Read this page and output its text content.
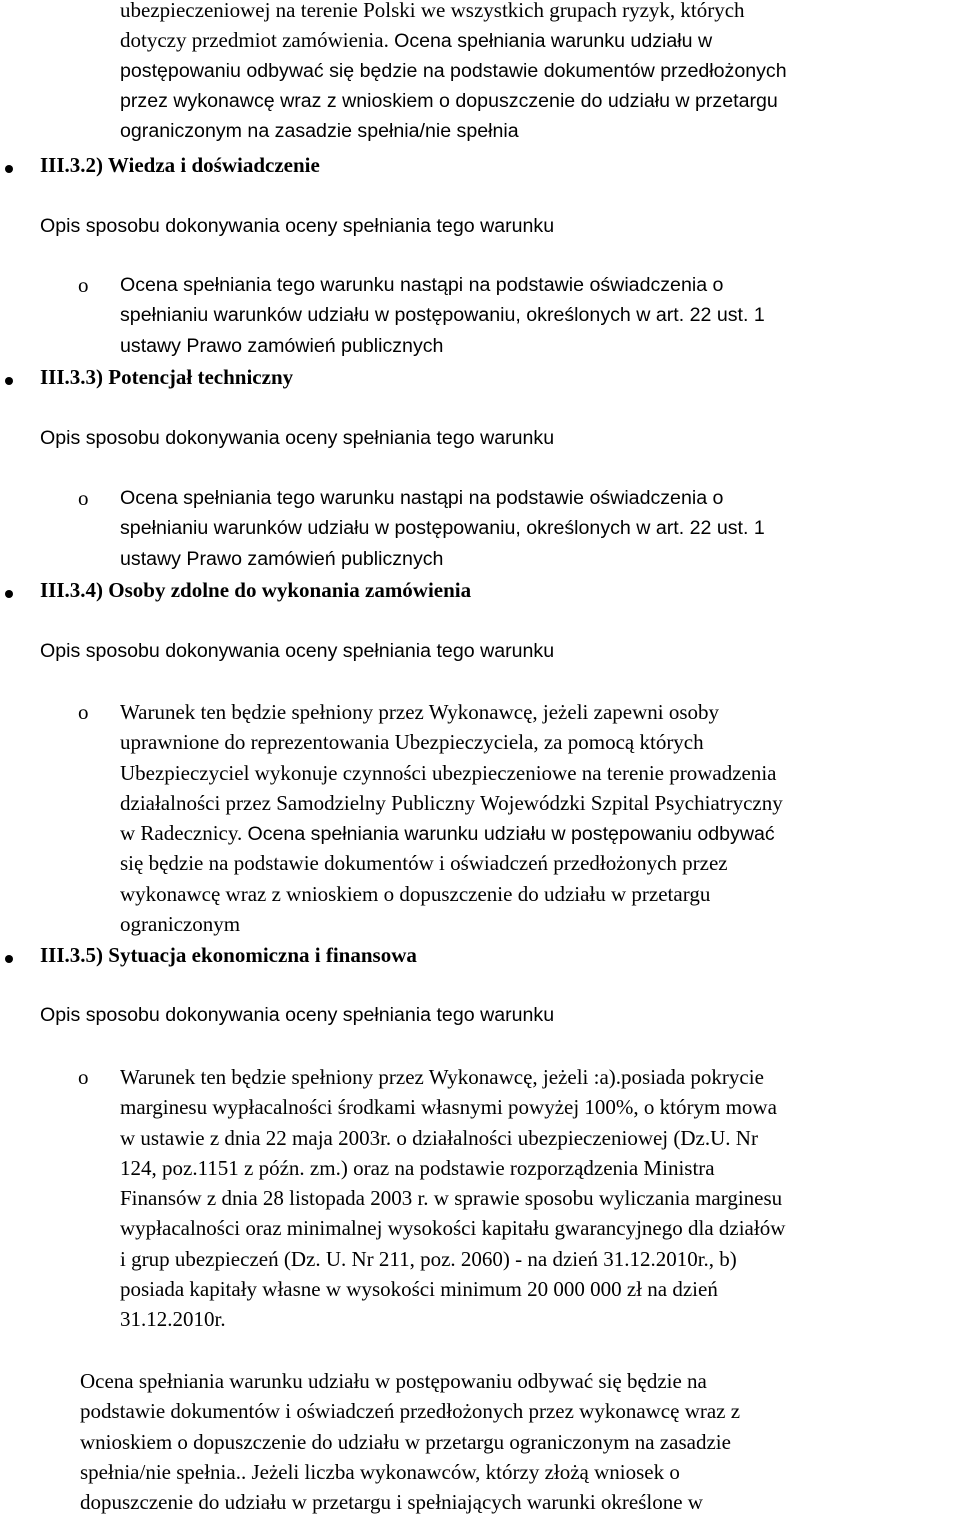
ubezpieczeniowej na terenie Polski we wszystkich grupach ryzyk, których
dotyczy przedmiot zamówienia. Ocena spełniania warunku udziału w
postępowaniu odbywać się będzie na podstawie dokumentów przedłożonych
przez wykonawcę wraz z wnioskiem o dopuszczenie do udziału w przetargu
ograniczonym na zasadzie spełnia/nie spełnia
III.3.2) Wiedza i doświadczenie
Opis sposobu dokonywania oceny spełniania tego warunku
o Ocena spełniania tego warunku nastąpi na podstawie oświadczenia o
spełnianiu warunków udziału w postępowaniu, określonych w art. 22 ust. 1
ustawy Prawo zamówień publicznych
III.3.3) Potencjał techniczny
Opis sposobu dokonywania oceny spełniania tego warunku
o Ocena spełniania tego warunku nastąpi na podstawie oświadczenia o
spełnianiu warunków udziału w postępowaniu, określonych w art. 22 ust. 1
ustawy Prawo zamówień publicznych
III.3.4) Osoby zdolne do wykonania zamówienia
Opis sposobu dokonywania oceny spełniania tego warunku
o Warunek ten będzie spełniony przez Wykonawcę, jeżeli zapewni osoby
uprawnione do reprezentowania Ubezpieczyciela, za pomocą których
Ubezpieczyciel wykonuje czynności ubezpieczeniowe na terenie prowadzenia
działalności przez Samodzielny Publiczny Wojewódzki Szpital Psychiatryczny
w Radecznicy. Ocena spełniania warunku udziału w postępowaniu odbywać
się będzie na podstawie dokumentów i oświadczeń przedłożonych przez
wykonawcę wraz z wnioskiem o dopuszczenie do udziału w przetargu
ograniczonym
III.3.5) Sytuacja ekonomiczna i finansowa
Opis sposobu dokonywania oceny spełniania tego warunku
o Warunek ten będzie spełniony przez Wykonawcę, jeżeli :a).posiada pokrycie
marginesu wypłacalności środkami własnymi powyżej 100%, o którym mowa
w ustawie z dnia 22 maja 2003r. o działalności ubezpieczeniowej (Dz.U. Nr
124, poz.1151 z późn. zm.) oraz na podstawie rozporządzenia Ministra
Finansów z dnia 28 listopada 2003 r. w sprawie sposobu wyliczania marginesu
wypłacalności oraz minimalnej wysokości kapitału gwarancyjnego dla działów
i grup ubezpieczeń (Dz. U. Nr 211, poz. 2060) - na dzień 31.12.2010r., b)
posiada kapitały własne w wysokości minimum 20 000 000 zł na dzień
31.12.2010r.
Ocena spełniania warunku udziału w postępowaniu odbywać się będzie na
podstawie dokumentów i oświadczeń przedłożonych przez wykonawcę wraz z
wnioskiem o dopuszczenie do udziału w przetargu ograniczonym na zasadzie
spełnia/nie spełnia.. Jeżeli liczba wykonawców, którzy złożą wniosek o
dopuszczenie do udziału w przetargu i spełniających warunki określone w
